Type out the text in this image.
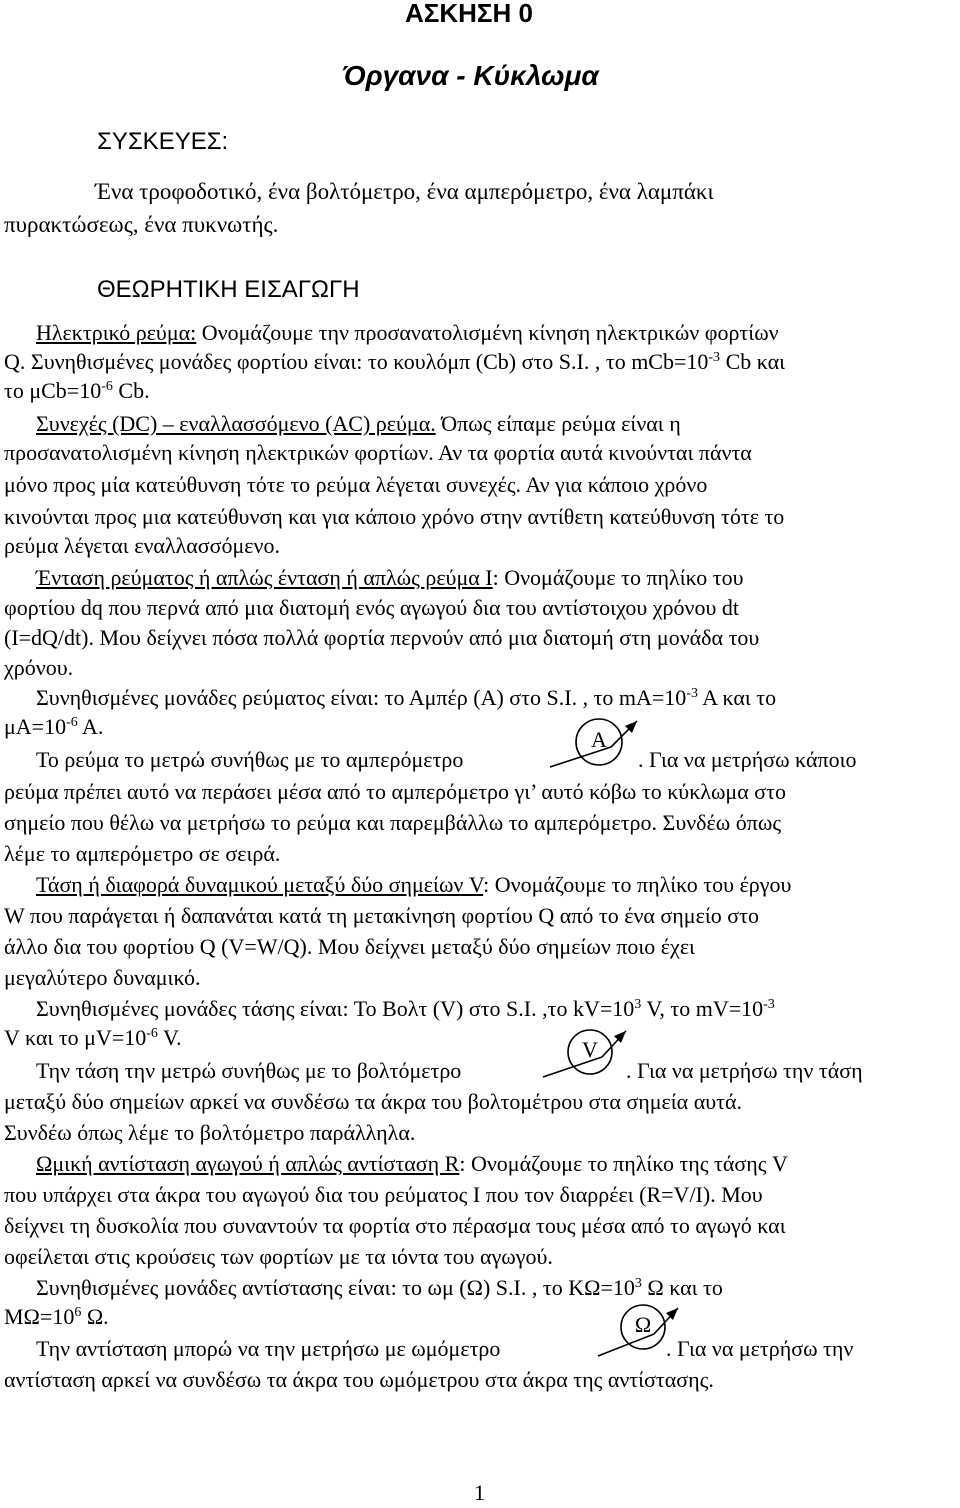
ΑΣΚΗΣΗ 0
Όργανα - Κύκλωμα
ΣΥΣΚΕΥΕΣ:
Ένα τροφοδοτικό, ένα βολτόμετρο, ένα αμπερόμετρο, ένα λαμπάκι
πυρακτώσεως, ένα πυκνωτής.
ΘΕΩΡΗΤΙΚΗ ΕΙΣΑΓΩΓΗ
Ηλεκτρικό ρεύμα: Ονομάζουμε την προσανατολισμένη κίνηση ηλεκτρικών φορτίων
Q. Συνηθισμένες μονάδες φορτίου είναι: το κουλόμπ (Cb) στο S.I. , το $mCb=10^{-3}$ Cb και
το $\mu Cb=10^{-6}$ Cb.
Συνεχές (DC) – εναλλασσόμενο (AC) ρεύμα. Όπως είπαμε ρεύμα είναι η
προσανατολισμένη κίνηση ηλεκτρικών φορτίων. Αν τα φορτία αυτά κινούνται πάντα
μόνο προς μία κατεύθυνση τότε το ρεύμα λέγεται συνεχές. Αν για κάποιο χρόνο
κινούνται προς μια κατεύθυνση και για κάποιο χρόνο στην αντίθετη κατεύθυνση τότε το
ρεύμα λέγεται εναλλασσόμενο.
Ένταση ρεύματος ή απλώς ένταση ή απλώς ρεύμα I: Ονομάζουμε το πηλίκο του
φορτίου dq που περνά από μια διατομή ενός αγωγού δια του αντίστοιχου χρόνου dt
(I=dQ/dt). Μου δείχνει πόσα πολλά φορτία περνούν από μια διατομή στη μονάδα του
χρόνου.
Συνηθισμένες μονάδες ρεύματος είναι: το Αμπέρ (Α) στο S.I. , το $mA=10^{-3}$ A και το
$\mu A=10^{-6}$ A.
Το ρεύμα το μετρώ συνήθως με το αμπερόμετρο
A
. Για να μετρήσω κάποιο
ρεύμα πρέπει αυτό να περάσει μέσα από το αμπερόμετρο γι’ αυτό κόβω το κύκλωμα στο
σημείο που θέλω να μετρήσω το ρεύμα και παρεμβάλλω το αμπερόμετρο. Συνδέω όπως
λέμε το αμπερόμετρο σε σειρά.
Τάση ή διαφορά δυναμικού μεταξύ δύο σημείων V: Ονομάζουμε το πηλίκο του έργου
W που παράγεται ή δαπανάται κατά τη μετακίνηση φορτίου Q από το ένα σημείο στο
άλλο δια του φορτίου Q (V=W/Q). Μου δείχνει μεταξύ δύο σημείων ποιο έχει
μεγαλύτερο δυναμικό.
Συνηθισμένες μονάδες τάσης είναι: Το Βολτ (V) στο S.I. ,το $kV=10^3$ V, το $mV=10^{-3}$
V και το $\mu V=10^{-6}$ V.
Την τάση την μετρώ συνήθως με το βολτόμετρο
V
. Για να μετρήσω την τάση
μεταξύ δύο σημείων αρκεί να συνδέσω τα άκρα του βολτομέτρου στα σημεία αυτά.
Συνδέω όπως λέμε το βολτόμετρο παράλληλα.
Ωμική αντίσταση αγωγού ή απλώς αντίσταση R: Ονομάζουμε το πηλίκο της τάσης V
που υπάρχει στα άκρα του αγωγού δια του ρεύματος I που τον διαρρέει (R=V/I). Μου
δείχνει τη δυσκολία που συναντούν τα φορτία στο πέρασμα τους μέσα από το αγωγό και
οφείλεται στις κρούσεις των φορτίων με τα ιόντα του αγωγού.
Συνηθισμένες μονάδες αντίστασης είναι: το ωμ (Ω) S.I. , το $K\Omega=10^3$ Ω και το
$M\Omega=10^6$ Ω.
Την αντίσταση μπορώ να την μετρήσω με ωμόμετρο
Ω
. Για να μετρήσω την
αντίσταση αρκεί να συνδέσω τα άκρα του ωμόμετρου στα άκρα της αντίστασης.
1
